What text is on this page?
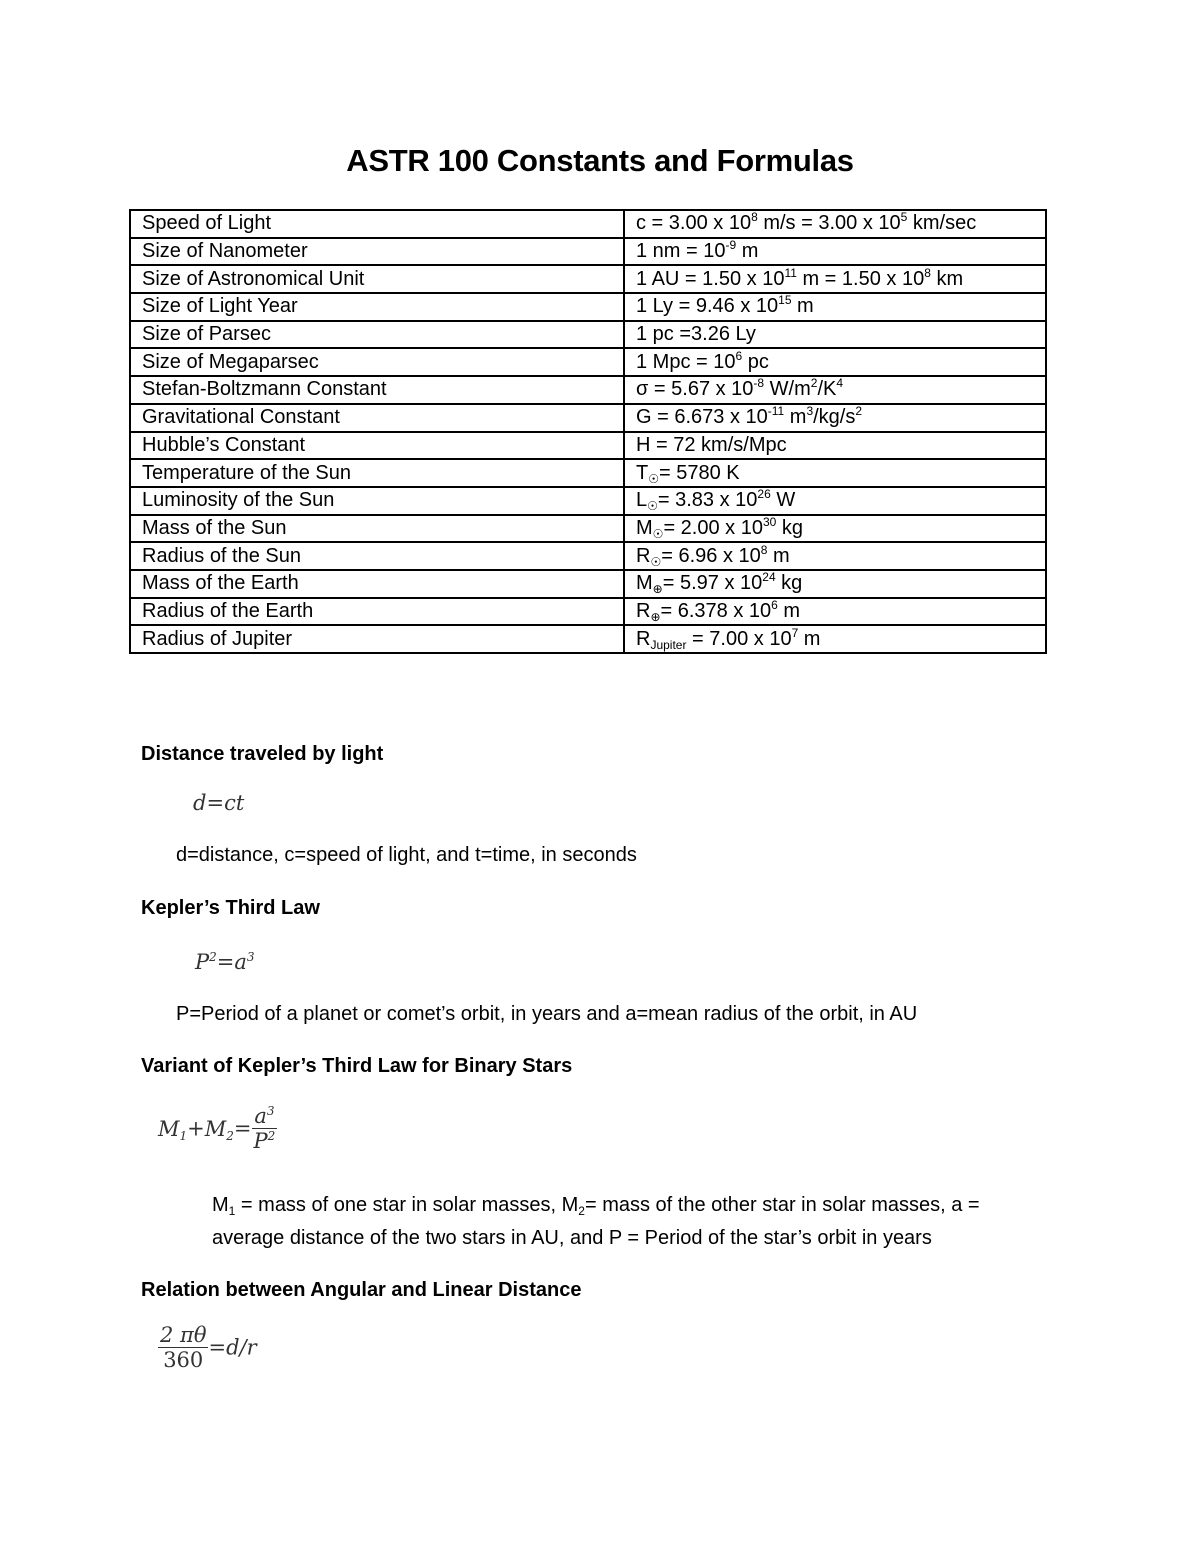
ASTR 100 Constants and Formulas
Speed of Light	c = 3.00 x $10^8$ m/s = 3.00 x $10^5$ km/sec
Size of Nanometer	1 nm = $10^{-9}$ m
Size of Astronomical Unit	1 AU = 1.50 x $10^{11}$ m = 1.50 x $10^8$ km
Size of Light Year	1 Ly = 9.46 x $10^{15}$ m
Size of Parsec	1 pc =3.26 Ly
Size of Megaparsec	1 Mpc = $10^6$ pc
Stefan-Boltzmann Constant	σ = 5.67 x $10^{-8}$ $W/m^2/K^4$
Gravitational Constant	G = 6.673 x $10^{-11}$ $m^3/kg/s^2$
Hubble’s Constant	H = 72 km/s/Mpc
Temperature of the Sun	$T_☉= 5780$ K
Luminosity of the Sun	$L_☉= 3.83$ x $10^{26}$ W
Mass of the Sun	$M_☉= 2.00$ x $10^{30}$ kg
Radius of the Sun	$R_☉= 6.96$ x $10^8$ m
Mass of the Earth	$M_\oplus= 5.97$ x $10^{24}$ kg
Radius of the Earth	$R_\oplus= 6.378$ x $10^6$ m
Radius of Jupiter	$R_{Jupiter} = 7.00$ x $10^7$ m
Distance traveled by light
d=ct
d=distance, c=speed of light, and t=time, in seconds
Kepler’s Third Law
$P^2=a^3$
P=Period of a planet or comet’s orbit, in years and a=mean radius of the orbit, in AU
Variant of Kepler’s Third Law for Binary Stars
$M_1+M_2= \frac{a^3}{P^2}$
$M_1$ = mass of one star in solar masses, $M_2=$ mass of the other star in solar masses, a =
average distance of the two stars in AU, and P = Period of the star’s orbit in years
Relation between Angular and Linear Distance
$\frac{2 \pi\theta}{360} =d/r$
